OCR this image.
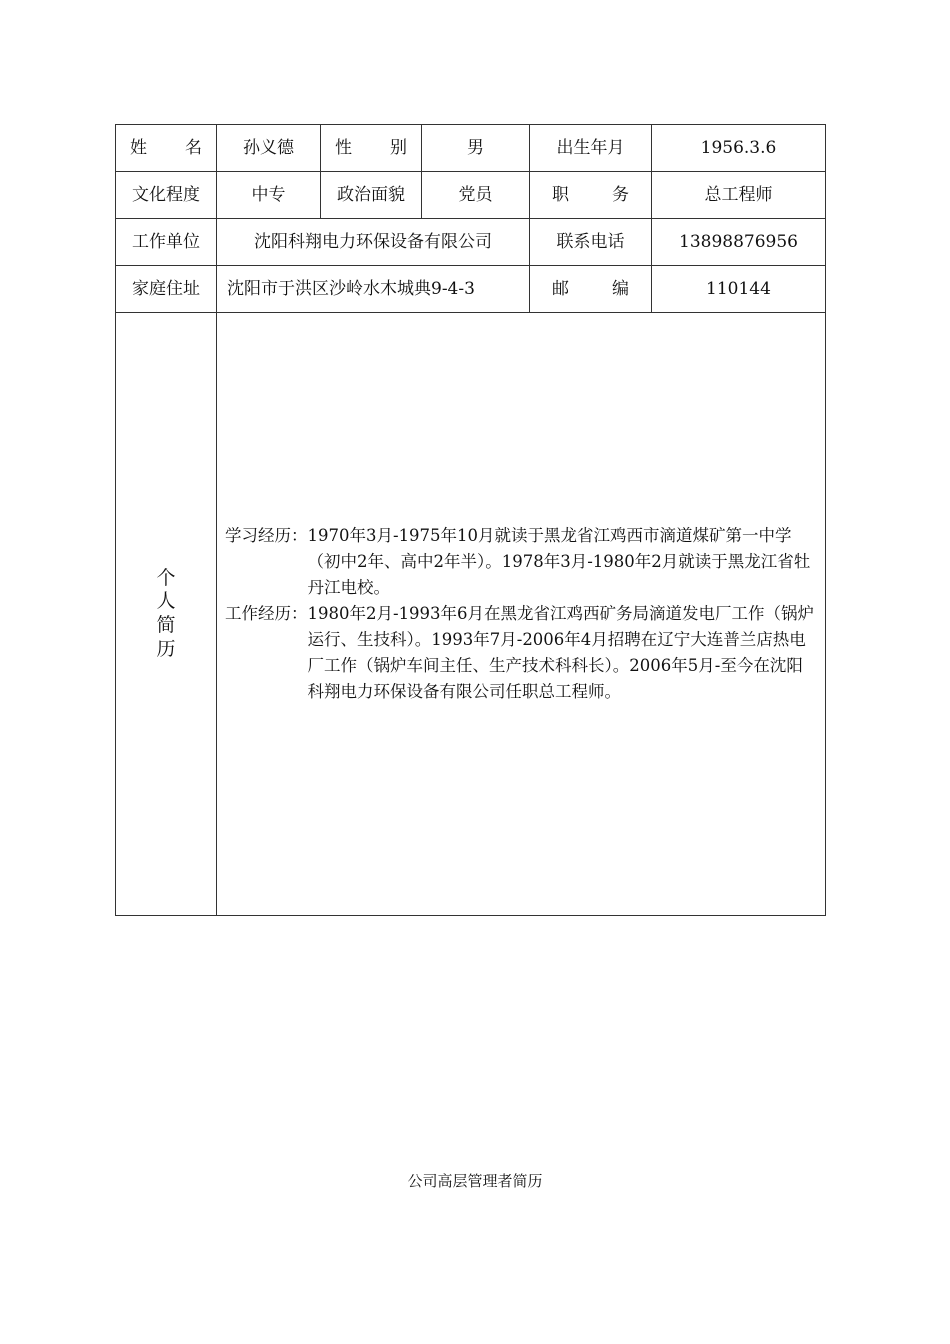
姓 名	孙义德	性 别	男	出生年月	1956.3.6
文化程度	中专	政治面貌	党员	职 务	总工程师
工作单位	沈阳科翔电力环保设备有限公司			联系电话	13898876956
家庭住址	沈阳市于洪区沙岭水木城典9-4-3			邮 编	110144
个人简历	学习经历： 1970年3月-1975年10月就读于黑龙省江鸡西市滴道煤矿第一中学（初中2年、高中2年半）。1978年3月-1980年2月就读于黑龙江省牡丹江电校。
工作经历： 1980年2月-1993年6月在黑龙省江鸡西矿务局滴道发电厂工作（锅炉运行、生技科）。1993年7月-2006年4月招聘在辽宁大连普兰店热电厂工作（锅炉车间主任、生产技术科科长）。2006年5月-至今在沈阳科翔电力环保设备有限公司任职总工程师。				
公司高层管理者简历
